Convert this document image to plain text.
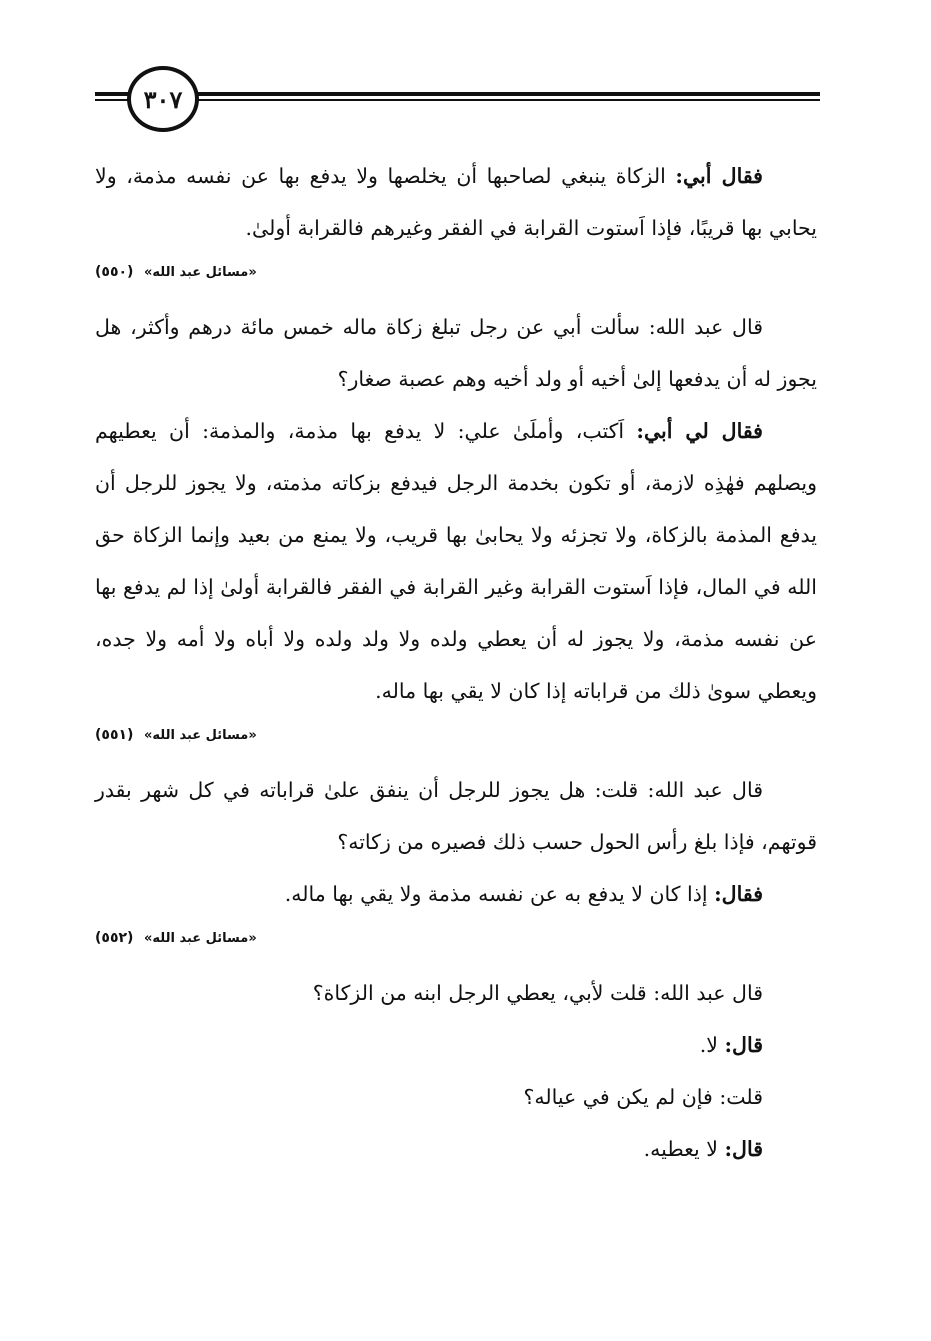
٣٠٧

فقال أبي: الزكاة ينبغي لصاحبها أن يخلصها ولا يدفع بها عن نفسه مذمة، ولا يحابي بها قريبًا، فإذا اَستوت القرابة في الفقر وغيرهم فالقرابة أولىٰ.

(٥٥٠) «مسائل عبد الله»

قال عبد الله: سألت أبي عن رجل تبلغ زكاة ماله خمس مائة درهم وأكثر، هل يجوز له أن يدفعها إلىٰ أخيه أو ولد أخيه وهم عصبة صغار؟

فقال لي أبي: اَكتب، وأملَىٰ علي: لا يدفع بها مذمة، والمذمة: أن يعطيهم ويصلهم فهٰذِه لازمة، أو تكون بخدمة الرجل فيدفع بزكاته مذمته، ولا يجوز للرجل أن يدفع المذمة بالزكاة، ولا تجزئه ولا يحابىٰ بها قريب، ولا يمنع من بعيد وإنما الزكاة حق الله في المال، فإذا اَستوت القرابة وغير القرابة في الفقر فالقرابة أولىٰ إذا لم يدفع بها عن نفسه مذمة، ولا يجوز له أن يعطي ولده ولا ولد ولده ولا أباه ولا أمه ولا جده، ويعطي سوىٰ ذلك من قراباته إذا كان لا يقي بها ماله.

(٥٥١) «مسائل عبد الله»

قال عبد الله: قلت: هل يجوز للرجل أن ينفق علىٰ قراباته في كل شهر بقدر قوتهم، فإذا بلغ رأس الحول حسب ذلك فصيره من زكاته؟

فقال: إذا كان لا يدفع به عن نفسه مذمة ولا يقي بها ماله.

(٥٥٢) «مسائل عبد الله»

قال عبد الله: قلت لأبي، يعطي الرجل ابنه من الزكاة؟

قال: لا.

قلت: فإن لم يكن في عياله؟

قال: لا يعطيه.
